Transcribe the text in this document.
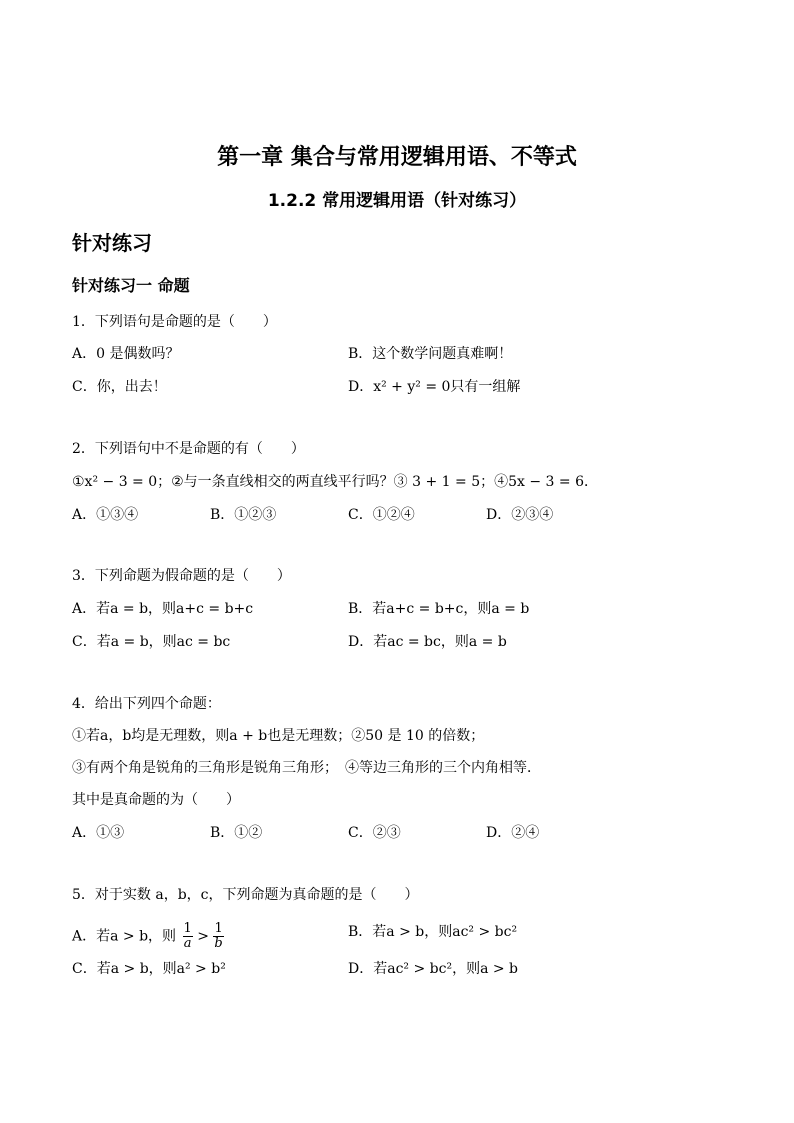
第一章 集合与常用逻辑用语、不等式
1.2.2 常用逻辑用语（针对练习）
针对练习
针对练习一 命题
1．下列语句是命题的是（　　）
A．0 是偶数吗？	B．这个数学问题真难啊！
C．你，出去！	D．x² + y² = 0只有一组解
2．下列语句中不是命题的有（　　）
①x² − 3 = 0；②与一条直线相交的两直线平行吗？③ 3 + 1 = 5；④5x − 3 = 6．
A．①③④	B．①②③	C．①②④	D．②③④
3．下列命题为假命题的是（　　）
A．若a = b，则a+c = b+c	B．若a+c = b+c，则a = b
C．若a = b，则ac = bc	D．若ac = bc，则a = b
4．给出下列四个命题：
①若a，b均是无理数，则a + b也是无理数；②50 是 10 的倍数；
③有两个角是锐角的三角形是锐角三角形；　④等边三角形的三个内角相等．
其中是真命题的为（　　）
A．①③	B．①②	C．②③	D．②④
5．对于实数 a，b，c，下列命题为真命题的是（　　）
A．若a > b，则 $\frac{1}{a} > \frac{1}{b}$	B．若a > b，则ac² > bc²
C．若a > b，则a² > b²	D．若ac² > bc²，则a > b
